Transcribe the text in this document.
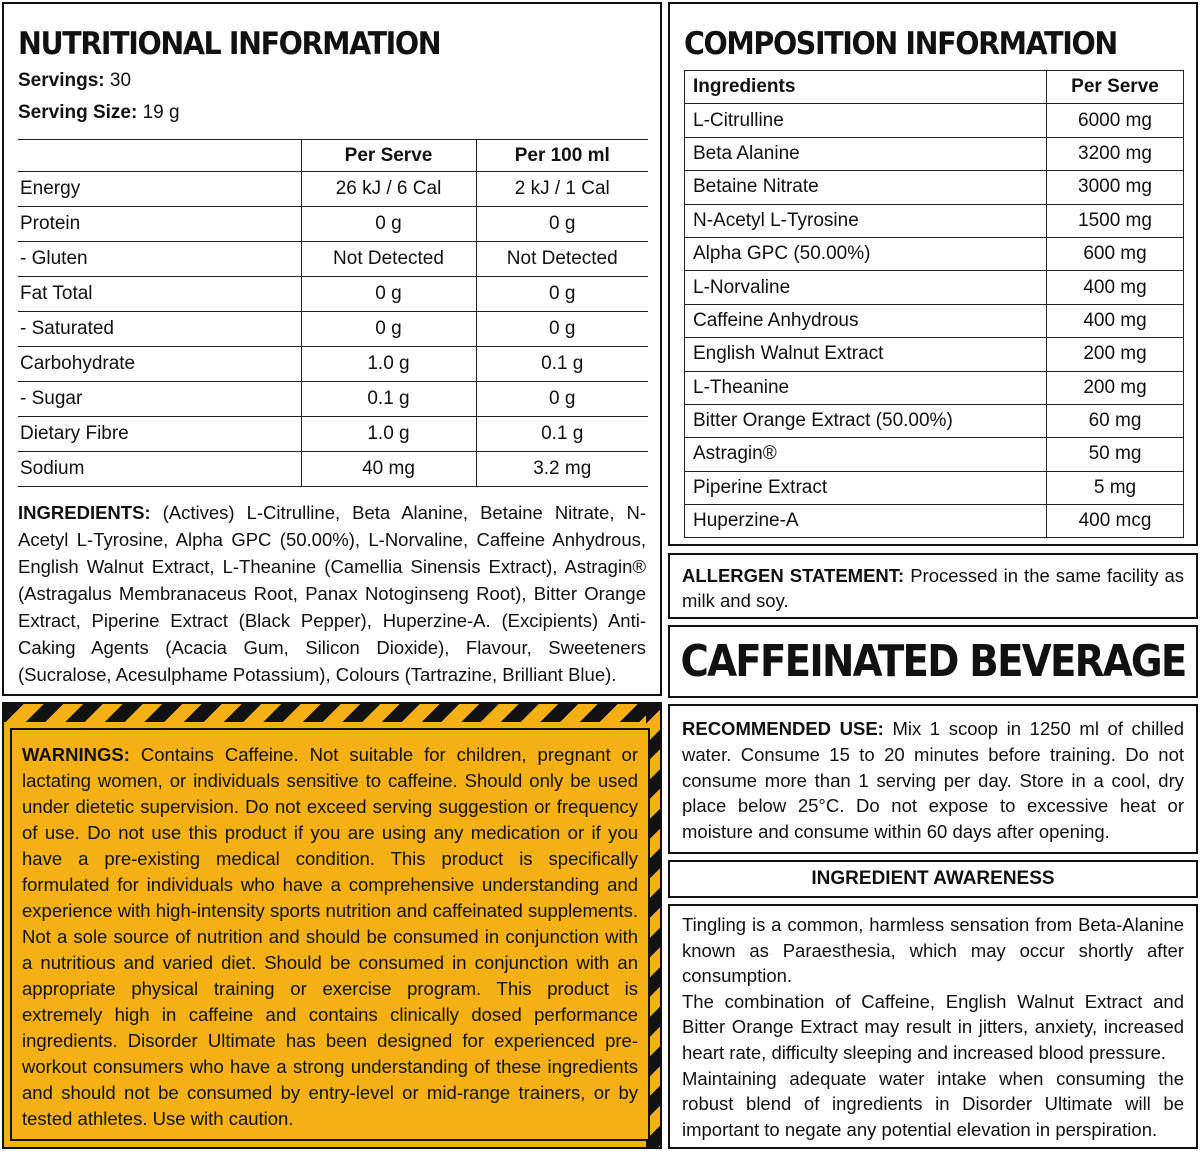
NUTRITIONAL INFORMATION
Servings: 30
Serving Size: 19 g
	Per Serve	Per 100 ml
Energy	26 kJ / 6 Cal	2 kJ / 1 Cal
Protein	0 g	0 g
- Gluten	Not Detected	Not Detected
Fat Total	0 g	0 g
- Saturated	0 g	0 g
Carbohydrate	1.0 g	0.1 g
- Sugar	0.1 g	0 g
Dietary Fibre	1.0 g	0.1 g
Sodium	40 mg	3.2 mg
INGREDIENTS: (Actives) L-Citrulline, Beta Alanine, Betaine Nitrate, N-Acetyl L-Tyrosine, Alpha GPC (50.00%), L-Norvaline, Caffeine Anhydrous, English Walnut Extract, L-Theanine (Camellia Sinensis Extract), Astragin® (Astragalus Membranaceus Root, Panax Notoginseng Root), Bitter Orange Extract, Piperine Extract (Black Pepper), Huperzine-A. (Excipients) Anti-Caking Agents (Acacia Gum, Silicon Dioxide), Flavour, Sweeteners (Sucralose, Acesulphame Potassium), Colours (Tartrazine, Brilliant Blue).
WARNINGS: Contains Caffeine. Not suitable for children, pregnant or lactating women, or individuals sensitive to caffeine. Should only be used under dietetic supervision. Do not exceed serving suggestion or frequency of use. Do not use this product if you are using any medication or if you have a pre-existing medical condition. This product is specifically formulated for individuals who have a comprehensive understanding and experience with high-intensity sports nutrition and caffeinated supplements. Not a sole source of nutrition and should be consumed in conjunction with a nutritious and varied diet. Should be consumed in conjunction with an appropriate physical training or exercise program. This product is extremely high in caffeine and contains clinically dosed performance ingredients. Disorder Ultimate has been designed for experienced pre-workout consumers who have a strong understanding of these ingredients and should not be consumed by entry-level or mid-range trainers, or by tested athletes. Use with caution.
COMPOSITION INFORMATION
Ingredients	Per Serve
L-Citrulline	6000 mg
Beta Alanine	3200 mg
Betaine Nitrate	3000 mg
N-Acetyl L-Tyrosine	1500 mg
Alpha GPC (50.00%)	600 mg
L-Norvaline	400 mg
Caffeine Anhydrous	400 mg
English Walnut Extract	200 mg
L-Theanine	200 mg
Bitter Orange Extract (50.00%)	60 mg
Astragin®	50 mg
Piperine Extract	5 mg
Huperzine-A	400 mcg
ALLERGEN STATEMENT: Processed in the same facility as milk and soy.
CAFFEINATED BEVERAGE
RECOMMENDED USE: Mix 1 scoop in 1250 ml of chilled water. Consume 15 to 20 minutes before training. Do not consume more than 1 serving per day. Store in a cool, dry place below 25°C. Do not expose to excessive heat or moisture and consume within 60 days after opening.
INGREDIENT AWARENESS
Tingling is a common, harmless sensation from Beta-Alanine known as Paraesthesia, which may occur shortly after consumption.
The combination of Caffeine, English Walnut Extract and Bitter Orange Extract may result in jitters, anxiety, increased heart rate, difficulty sleeping and increased blood pressure.
Maintaining adequate water intake when consuming the robust blend of ingredients in Disorder Ultimate will be important to negate any potential elevation in perspiration.
